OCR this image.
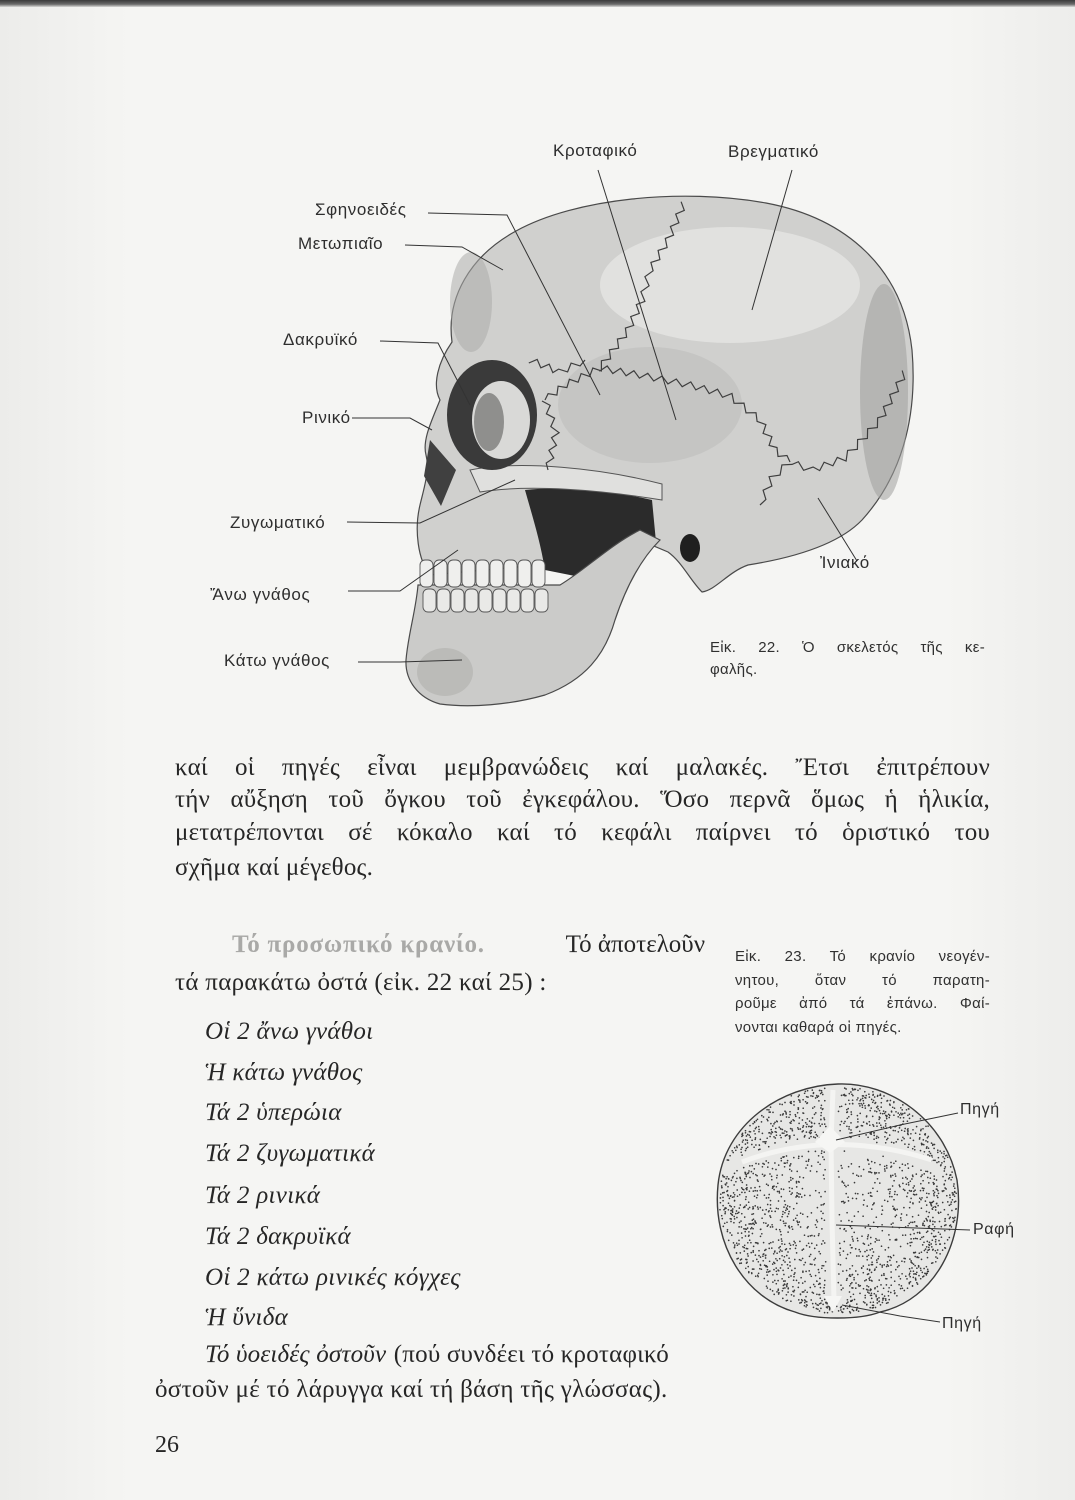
Κροταφικό	Βρεγματικό
Σφηνοειδές
Μετωπιαῖο
Δακρυϊκό
Ρινικό
Ζυγωματικό
Ἄνω γνάθος
Κάτω γνάθος
Ἰνιακό
Εἰκ. 22. Ὁ σκελετός τῆς κε-
φαλῆς.
καί οἱ πηγές εἶναι μεμβρανώδεις καί μαλακές. Ἔτσι ἐπιτρέπουν
τήν αὔξηση τοῦ ὄγκου τοῦ ἐγκεφάλου. Ὅσο περνᾶ ὅμως ἡ ἡλικία,
μετατρέπονται σέ κόκαλο καί τό κεφάλι παίρνει τό ὁριστικό του
σχῆμα καί μέγεθος.
Τό προσωπικό κρανίο.	Τό ἀποτελοῦν
τά παρακάτω ὀστά (εἰκ. 22 καί 25) :
Οἱ 2 ἄνω γνάθοι
Ἡ κάτω γνάθος
Τά 2 ὑπερώια
Τά 2 ζυγωματικά
Τά 2 ρινικά
Τά 2 δακρυϊκά
Οἱ 2 κάτω ρινικές κόγχες
Ἡ ὕνιδα
Τό ὑοειδές ὀστοῦν (πού συνδέει τό κροταφικό
ὀστοῦν μέ τό λάρυγγα καί τή βάση τῆς γλώσσας).
Εἰκ. 23. Τό κρανίο νεογέν-
νητου, ὅταν τό παρατη-
ροῦμε ἀπό τά ἐπάνω. Φαί-
νονται καθαρά οἱ πηγές.
Πηγή
Ραφή
Πηγή
26
